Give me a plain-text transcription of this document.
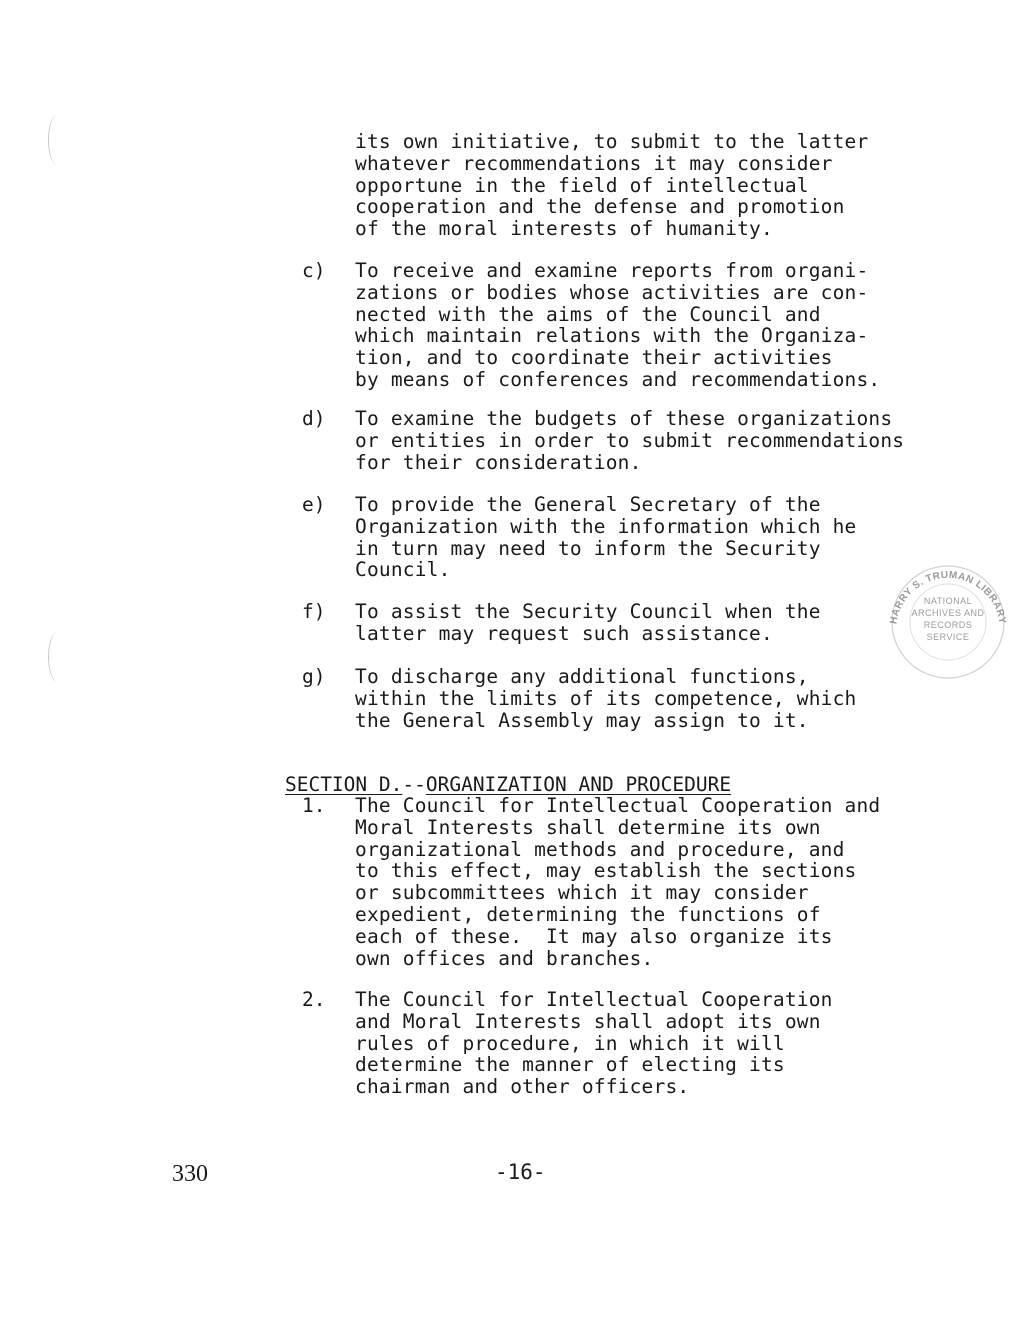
its own initiative, to submit to the latter
whatever recommendations it may consider
opportune in the field of intellectual
cooperation and the defense and promotion
of the moral interests of humanity.
c) To receive and examine reports from organi-
zations or bodies whose activities are con-
nected with the aims of the Council and
which maintain relations with the Organiza-
tion, and to coordinate their activities
by means of conferences and recommendations.
d) To examine the budgets of these organizations
or entities in order to submit recommendations
for their consideration.
e) To provide the General Secretary of the
Organization with the information which he
in turn may need to inform the Security
Council.
f) To assist the Security Council when the
latter may request such assistance.
g) To discharge any additional functions,
within the limits of its competence, which
the General Assembly may assign to it.

SECTION D.--ORGANIZATION AND PROCEDURE

1. The Council for Intellectual Cooperation and
Moral Interests shall determine its own
organizational methods and procedure, and
to this effect, may establish the sections
or subcommittees which it may consider
expedient, determining the functions of
each of these.  It may also organize its
own offices and branches.
2. The Council for Intellectual Cooperation
and Moral Interests shall adopt its own
rules of procedure, in which it will
determine the manner of electing its
chairman and other officers.
330	-16-
HARRY S. TRUMAN LIBRARY
NATIONAL
ARCHIVES AND
RECORDS
SERVICE
